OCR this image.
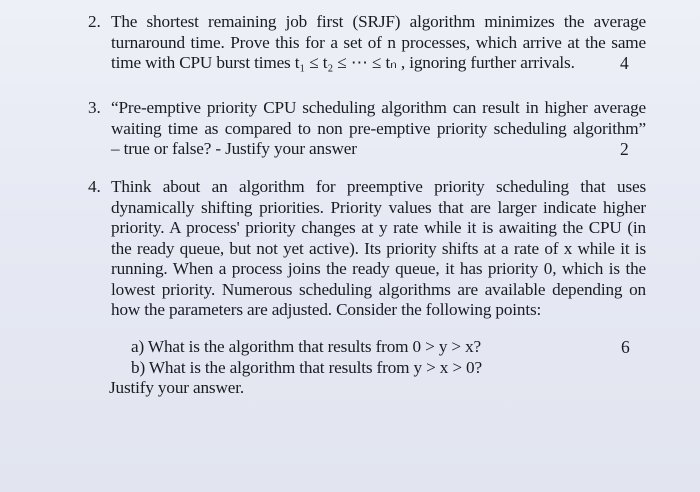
2. The shortest remaining job first (SRJF) algorithm minimizes the average
turnaround time. Prove this for a set of n processes, which arrive at the same
time with CPU burst times t₁ ≤ t₂ ≤ ⋯ ≤ tₙ , ignoring further arrivals.	4
3. “Pre-emptive priority CPU scheduling algorithm can result in higher average
waiting time as compared to non pre-emptive priority scheduling algorithm”
– true or false? - Justify your answer	2
4. Think about an algorithm for preemptive priority scheduling that uses
dynamically shifting priorities. Priority values that are larger indicate higher
priority. A process' priority changes at y rate while it is awaiting the CPU (in
the ready queue, but not yet active). Its priority shifts at a rate of x while it is
running. When a process joins the ready queue, it has priority 0, which is the
lowest priority. Numerous scheduling algorithms are available depending on
how the parameters are adjusted. Consider the following points:
a) What is the algorithm that results from 0 > y > x?	6
b) What is the algorithm that results from y > x > 0?
Justify your answer.
